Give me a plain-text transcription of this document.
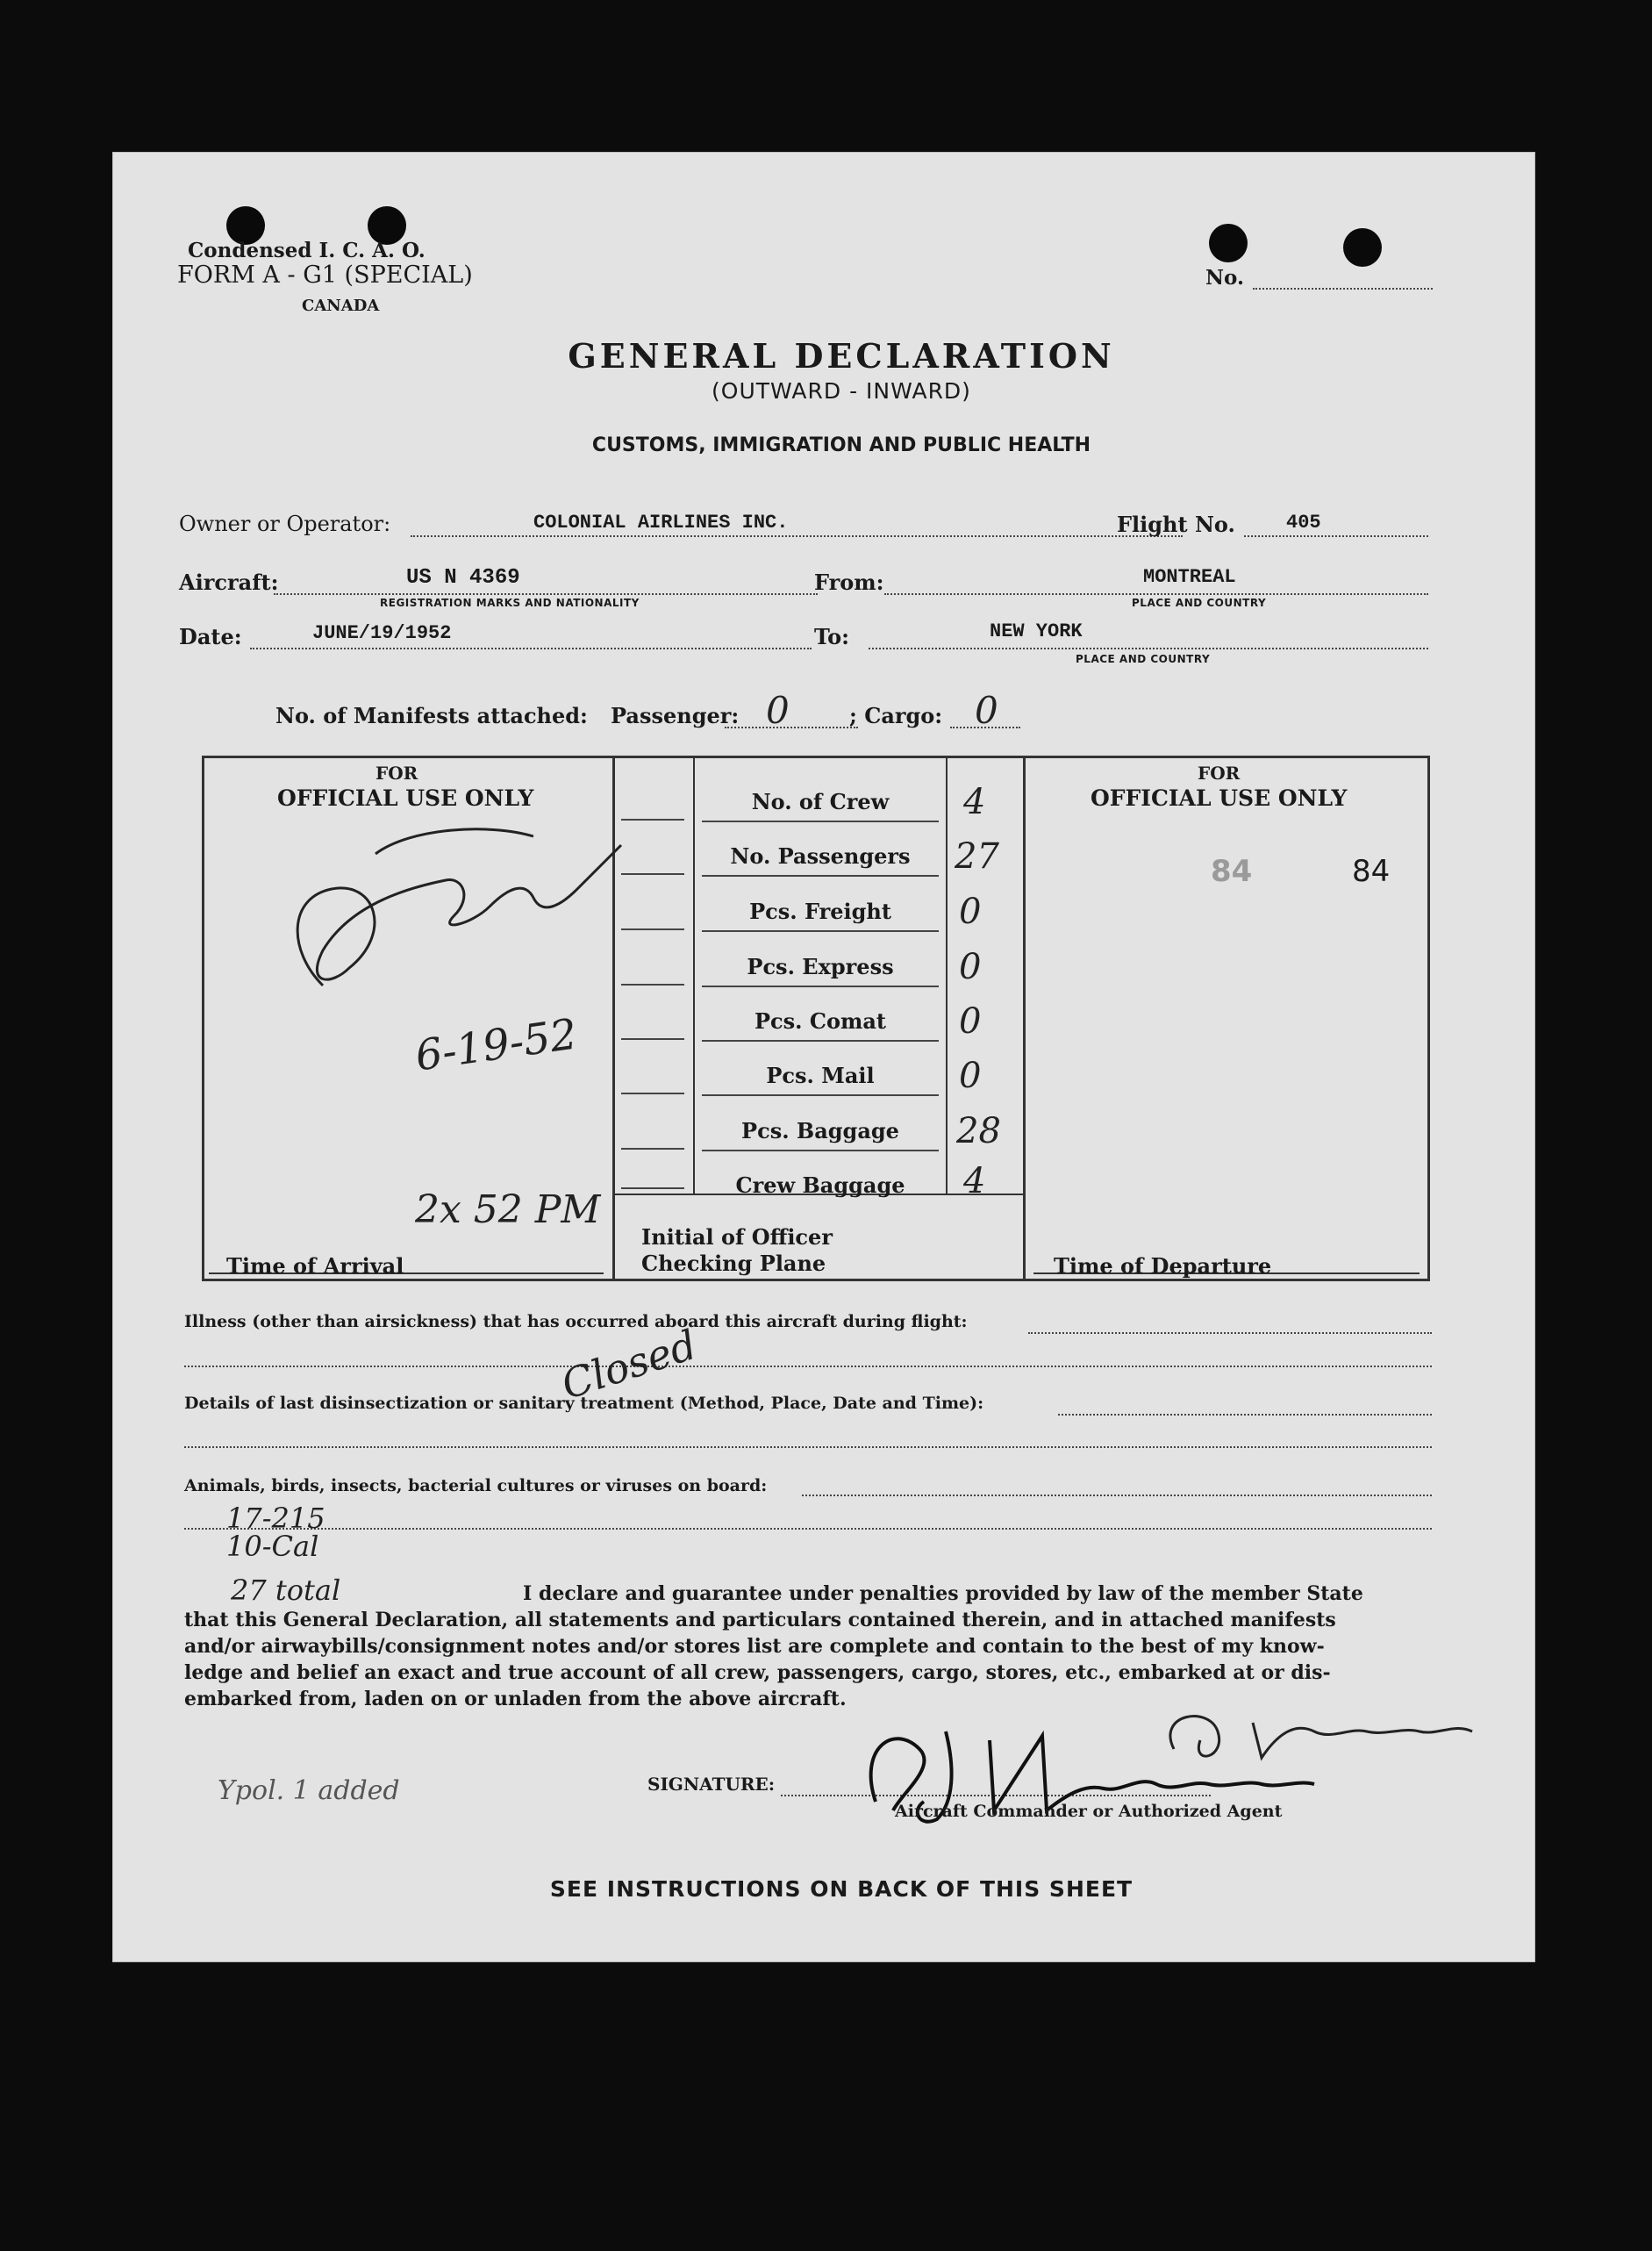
Condensed I. C. A. O.
FORM A - G1 (SPECIAL)
CANADA
No.
GENERAL DECLARATION
(OUTWARD - INWARD)
CUSTOMS, IMMIGRATION AND PUBLIC HEALTH
Owner or Operator:	COLONIAL AIRLINES INC.	Flight No.	405
Aircraft:	US N 4369
REGISTRATION MARKS AND NATIONALITY
From:	MONTREAL
PLACE AND COUNTRY
Date:	JUNE/19/1952	To:	NEW YORK
PLACE AND COUNTRY
No. of Manifests attached: Passenger: 0	; Cargo: 0
FOR
OFFICIAL USE ONLY
FOR
OFFICIAL USE ONLY
84	84
No. of Crew	4
No. Passengers	27
Pcs. Freight	0
Pcs. Express	0
Pcs. Comat	0
Pcs. Mail	0
Pcs. Baggage	28
Crew Baggage	4
6-19-52
Time of Arrival
2x 52 PM
Initial of Officer
Checking Plane	Time of Departure
Illness (other than airsickness) that has occurred aboard this aircraft during flight:
Details of last disinsectization or sanitary treatment (Method, Place, Date and Time):
Closed
Animals, birds, insects, bacterial cultures or viruses on board:
17-215
10-Cal
27 total	I declare and guarantee under penalties provided by law of the member State
that this General Declaration, all statements and particulars contained therein, and in attached manifests
and/or airwaybills/consignment notes and/or stores list are complete and contain to the best of my know-
ledge and belief an exact and true account of all crew, passengers, cargo, stores, etc., embarked at or dis-
embarked from, laden on or unladen from the above aircraft.
SIGNATURE:
Aircraft Commander or Authorized Agent
Ypol. 1 added
SEE INSTRUCTIONS ON BACK OF THIS SHEET
